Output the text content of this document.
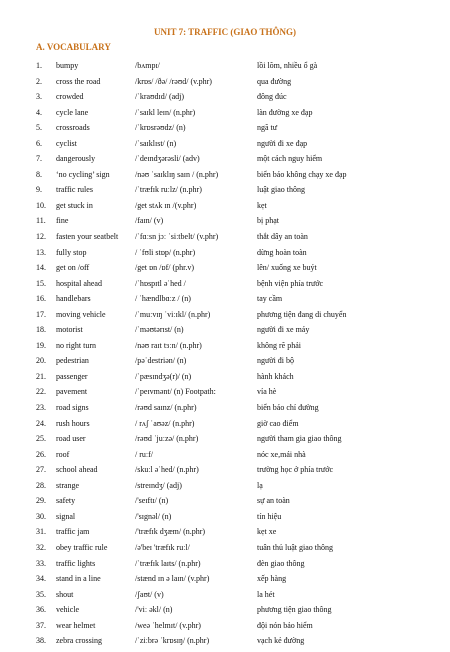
UNIT 7: TRAFFIC (GIAO THÔNG)
A. VOCABULARY
1. bumpy	/bʌmpɪ/	lồi lõm, nhiều ổ gà
2. cross the road	/krɒs/ /ðə/ /rəʊd/ (v.phr)	qua đường
3. crowded	/ˈkraʊdɪd/ (adj)	đông đúc
4. cycle lane	/ˈsaɪkl leɪn/ (n.phr)	làn đường xe đạp
5. crossroads	/ˈkrɒsrəʊdz/ (n)	ngã tư
6. cyclist	/ˈsaɪklɪst/ (n)	người đi xe đạp
7. dangerously	/ˈdeɪndʒərəsli/ (adv)	một cách nguy hiểm
8. ‘no cycling’ sign	/nəʊ ˈsaɪklɪŋ saɪn / (n.phr)	biển báo không chạy xe đạp
9. traffic rules	/ˈtræfɪk ruːlz/ (n.phr)	luật giao thông
10. get stuck in	/get stʌk ɪn /(v.phr)	kẹt
11. fine	/faɪn/ (v)	bị phạt
12. fasten your seatbelt /ˈfɑːsn jɔː ˈsiːtbelt/ (v.phr)	thắt dây an toàn
13. fully stop	/ ˈfʊli stɒp/ (n.phr)	dừng hoàn toàn
14. get on /off	/get ɒn /ɒf/ (phr.v)	lên/ xuống xe buýt
15. hospital ahead	/ˈhɒspɪtl əˈhed /	bệnh viện phía trước
16. handlebars	/ ˈhændlbɑːz / (n)	tay cầm
17. moving vehicle	/ˈmuːvɪŋ ˈviːɪkl/ (n.phr)	phương tiện đang di chuyển
18. motorist	/ˈməʊtərɪst/ (n)	người đi xe máy
19. no right turn	/nəʊ raɪt tɜːn/ (n.phr)	không rẽ phải
20. pedestrian	/pəˈdestriən/ (n)	người đi bộ
21. passenger	/ˈpæsɪndʒə(r)/ (n)	hành khách
22. pavement	/ˈpeɪvmənt/ (n) Footpath:	vỉa hè
23. road signs	/rəʊd saɪnz/ (n.phr)	biển báo chỉ đường
24. rush hours	/ rʌʃ ˈaʊəz/ (n.phr)	giờ cao điểm
25. road user	/rəʊd ˈjuːzə/ (n.phr)	người tham gia giao thông
26. roof	/ ruːf/	nóc xe,mái nhà
27. school ahead	/skuːl əˈhed/ (n.phr)	trường học ở phía trước
28. strange	/streɪndʒ/ (adj)	lạ
29. safety	/'seɪftɪ/ (n)	sự an toàn
30. signal	/'sɪgnəl/ (n)	tín hiệu
31. traffic jam	/'træfɪk dʒæm/ (n.phr)	kẹt xe
32. obey traffic rule	/ə'beɪ 'træfɪk ruːl/	tuân thủ luật giao thông
33. traffic lights	/ˈtræfɪk laɪts/ (n.phr)	đèn giao thông
34. stand in a line	/stænd ɪn ə laɪn/ (v.phr)	xếp hàng
35. shout	/ʃaʊt/ (v)	la hét
36. vehicle	/'viː əkl/ (n)	phương tiện giao thông
37. wear helmet	/weə ˈhelmɪt/ (v.phr)	đội nón bảo hiểm
38. zebra crossing	/ˈziːbrə ˈkrɒsɪŋ/ (n.phr)	vạch kẻ đường
